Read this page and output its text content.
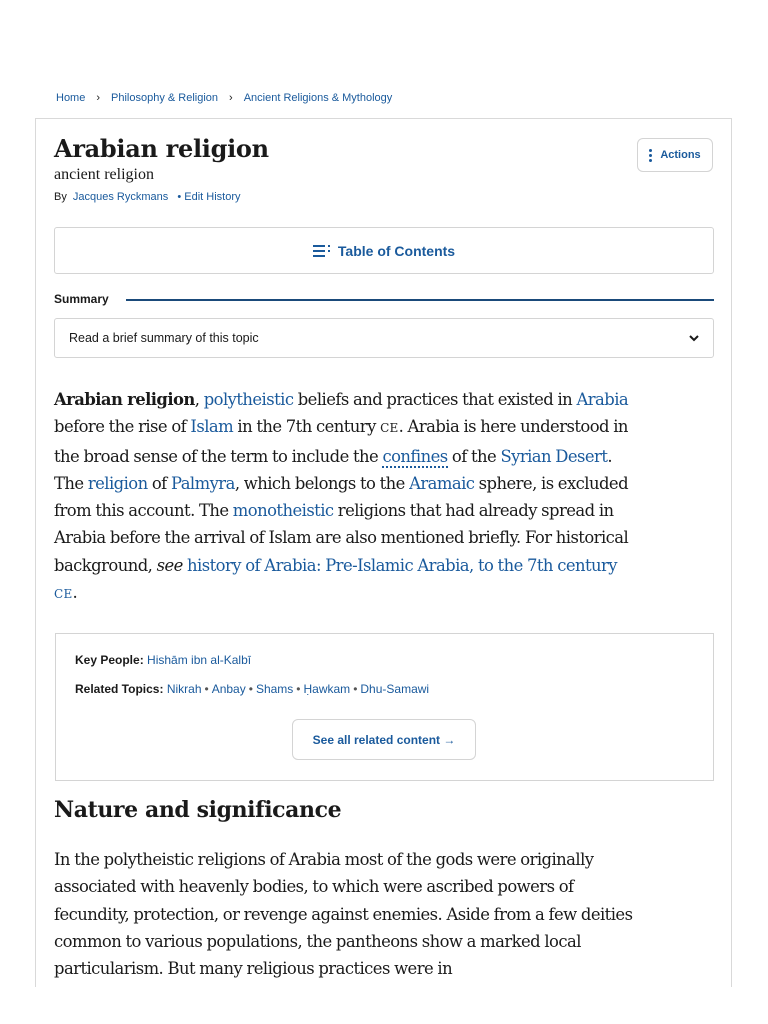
Home › Philosophy & Religion › Ancient Religions & Mythology
Arabian religion
ancient religion
By Jacques Ryckmans • Edit History
Actions
Table of Contents
Summary
Read a brief summary of this topic

Arabian religion, polytheistic beliefs and practices that existed in Arabia before the rise of Islam in the 7th century CE. Arabia is here understood in the broad sense of the term to include the confines of the Syrian Desert. The religion of Palmyra, which belongs to the Aramaic sphere, is excluded from this account. The monotheistic religions that had already spread in Arabia before the arrival of Islam are also mentioned briefly. For historical background, see history of Arabia: Pre-Islamic Arabia, to the 7th century CE.

Key People: Hishām ibn al-Kalbī
Related Topics: Nikrah • Anbay • Shams • Ḥawkam • Dhu-Samawi
See all related content →
Nature and significance

In the polytheistic religions of Arabia most of the gods were originally associated with heavenly bodies, to which were ascribed powers of fecundity, protection, or revenge against enemies. Aside from a few deities common to various populations, the pantheons show a marked local particularism. But many religious practices were in
